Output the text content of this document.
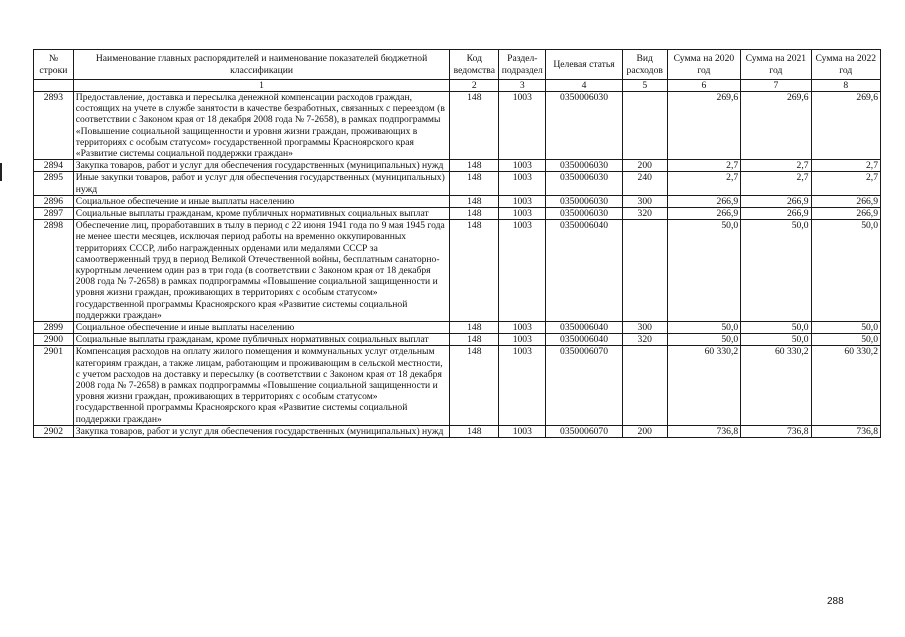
№ строки	Наименование главных распорядителей и наименование показателей бюджетной классификации	Код ведомства	Раздел-подраздел	Целевая статья	Вид расходов	Сумма на 2020 год	Сумма на 2021 год	Сумма на 2022 год
	1	2	3	4	5	6	7	8
2893	Предоставление, доставка и пересылка денежной компенсации расходов граждан, состоящих на учете в службе занятости в качестве безработных, связанных с переездом (в соответствии с Законом края от 18 декабря 2008 года № 7-2658), в рамках подпрограммы «Повышение социальной защищенности и уровня жизни граждан, проживающих в территориях с особым статусом» государственной программы Красноярского края «Развитие системы социальной поддержки граждан»	148	1003	0350006030		269,6	269,6	269,6
2894	Закупка товаров, работ и услуг для обеспечения государственных (муниципальных) нужд	148	1003	0350006030	200	2,7	2,7	2,7
2895	Иные закупки товаров, работ и услуг для обеспечения государственных (муниципальных) нужд	148	1003	0350006030	240	2,7	2,7	2,7
2896	Социальное обеспечение и иные выплаты населению	148	1003	0350006030	300	266,9	266,9	266,9
2897	Социальные выплаты гражданам, кроме публичных нормативных социальных выплат	148	1003	0350006030	320	266,9	266,9	266,9
2898	Обеспечение лиц, проработавших в тылу в период с 22 июня 1941 года по 9 мая 1945 года не менее шести месяцев, исключая период работы на временно оккупированных территориях СССР, либо награжденных орденами или медалями СССР за самоотверженный труд в период Великой Отечественной войны, бесплатным санаторно-курортным лечением один раз в три года (в соответствии с Законом края от 18 декабря 2008 года № 7-2658) в рамках подпрограммы «Повышение социальной защищенности и уровня жизни граждан, проживающих в территориях с особым статусом» государственной программы Красноярского края «Развитие системы социальной поддержки граждан»	148	1003	0350006040		50,0	50,0	50,0
2899	Социальное обеспечение и иные выплаты населению	148	1003	0350006040	300	50,0	50,0	50,0
2900	Социальные выплаты гражданам, кроме публичных нормативных социальных выплат	148	1003	0350006040	320	50,0	50,0	50,0
2901	Компенсация расходов на оплату жилого помещения и коммунальных услуг отдельным категориям граждан, а также лицам, работающим и проживающим в сельской местности, с учетом расходов на доставку и пересылку (в соответствии с Законом края от 18 декабря 2008 года № 7-2658) в рамках подпрограммы «Повышение социальной защищенности и уровня жизни граждан, проживающих в территориях с особым статусом» государственной программы Красноярского края «Развитие системы социальной поддержки граждан»	148	1003	0350006070		60 330,2	60 330,2	60 330,2
2902	Закупка товаров, работ и услуг для обеспечения государственных (муниципальных) нужд	148	1003	0350006070	200	736,8	736,8	736,8
288
